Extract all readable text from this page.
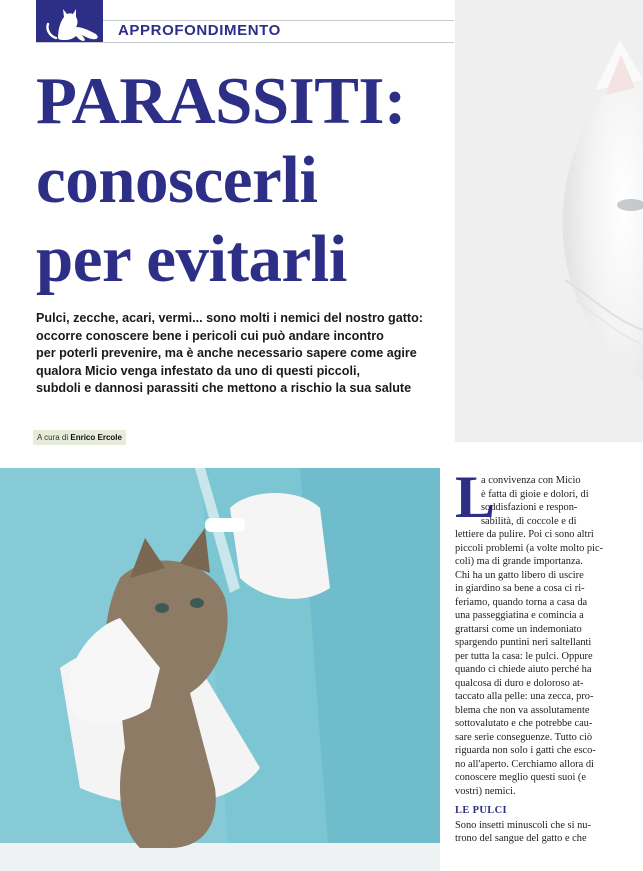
APPROFONDIMENTO
PARASSITI:
conoscerli
per evitarli

Pulci, zecche, acari, vermi... sono molti i nemici del nostro gatto:
occorre conoscere bene i pericoli cui può andare incontro
per poterli prevenire, ma è anche necessario sapere come agire
qualora Micio venga infestato da uno di questi piccoli,
subdoli e dannosi parassiti che mettono a rischio la sua salute

A cura di Enrico Ercole
L
a convivenza con Micio
è fatta di gioie e dolori, di
soddisfazioni e respon-
sabilità, di coccole e di
lettiere da pulire. Poi ci sono altri
piccoli problemi (a volte molto pic-
coli) ma di grande importanza.
Chi ha un gatto libero di uscire
in giardino sa bene a cosa ci ri-
feriamo, quando torna a casa da
una passeggiatina e comincia a
grattarsi come un indemoniato
spargendo puntini neri saltellanti
per tutta la casa: le pulci. Oppure
quando ci chiede aiuto perché ha
qualcosa di duro e doloroso at-
taccato alla pelle: una zecca, pro-
blema che non va assolutamente
sottovalutato e che potrebbe cau-
sare serie conseguenze. Tutto ciò
riguarda non solo i gatti che esco-
no all'aperto. Cerchiamo allora di
conoscere meglio questi suoi (e
vostri) nemici.
LE PULCI
Sono insetti minuscoli che si nu-
trono del sangue del gatto e che
